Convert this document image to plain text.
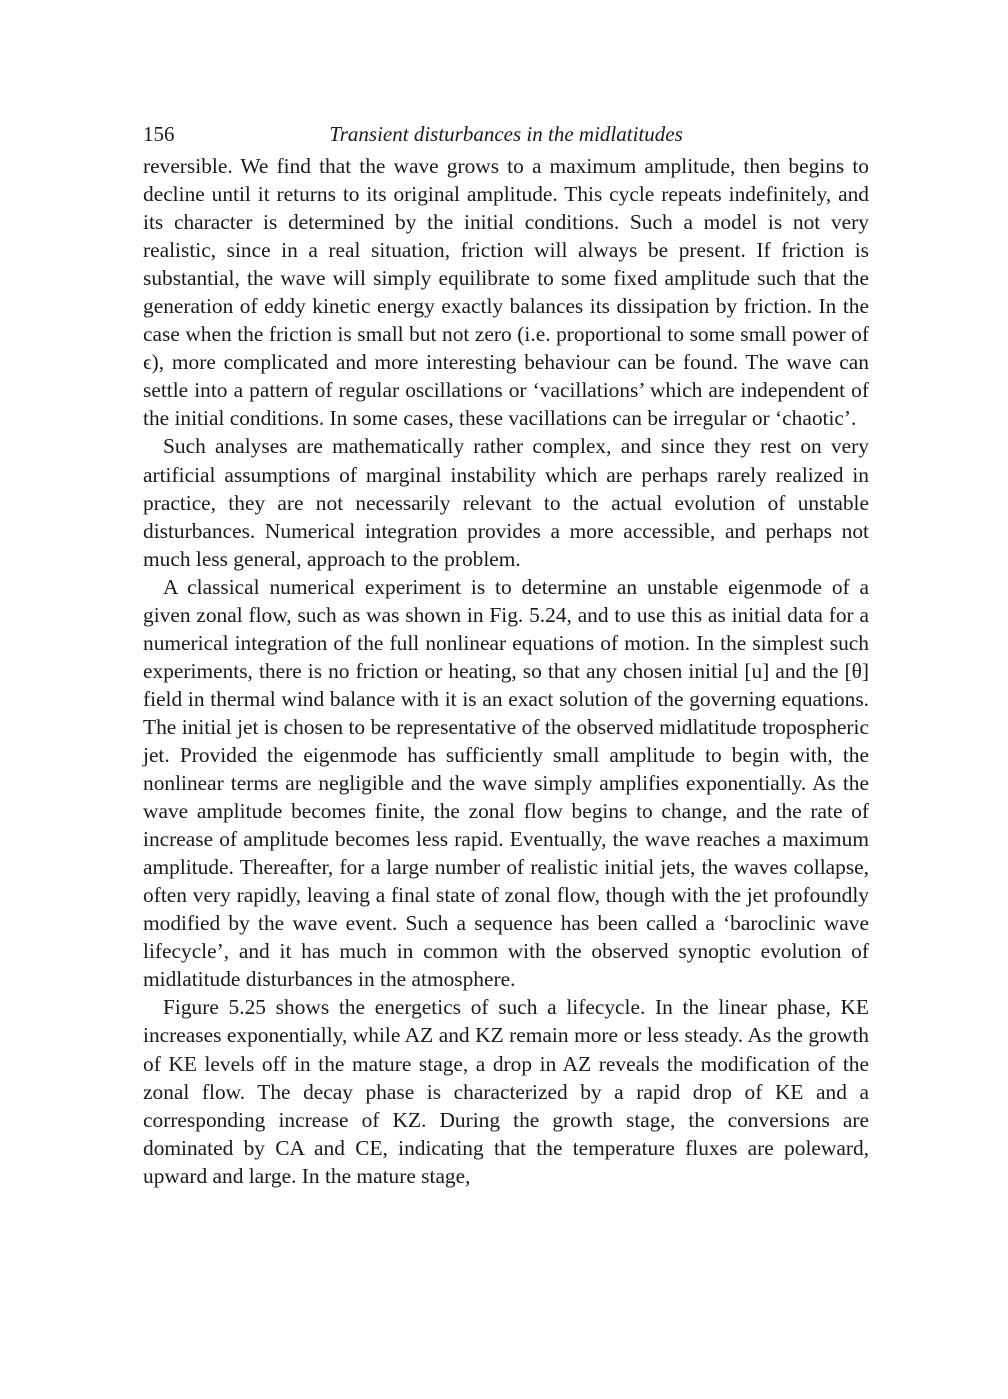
156	Transient disturbances in the midlatitudes

reversible. We find that the wave grows to a maximum amplitude, then begins to decline until it returns to its original amplitude. This cycle repeats indefinitely, and its character is determined by the initial conditions. Such a model is not very realistic, since in a real situation, friction will always be present. If friction is substantial, the wave will simply equilibrate to some fixed amplitude such that the generation of eddy kinetic energy exactly balances its dissipation by friction. In the case when the friction is small but not zero (i.e. proportional to some small power of ϵ), more complicated and more interesting behaviour can be found. The wave can settle into a pattern of regular oscillations or ‘vacillations’ which are independent of the initial conditions. In some cases, these vacillations can be irregular or ‘chaotic’.

Such analyses are mathematically rather complex, and since they rest on very artificial assumptions of marginal instability which are perhaps rarely realized in practice, they are not necessarily relevant to the actual evolution of unstable disturbances. Numerical integration provides a more accessible, and perhaps not much less general, approach to the problem.

A classical numerical experiment is to determine an unstable eigenmode of a given zonal flow, such as was shown in Fig. 5.24, and to use this as initial data for a numerical integration of the full nonlinear equations of motion. In the simplest such experiments, there is no friction or heating, so that any chosen initial [u] and the [θ] field in thermal wind balance with it is an exact solution of the governing equations. The initial jet is chosen to be representative of the observed midlatitude tropospheric jet. Provided the eigenmode has sufficiently small amplitude to begin with, the nonlinear terms are negligible and the wave simply amplifies exponentially. As the wave amplitude becomes finite, the zonal flow begins to change, and the rate of increase of amplitude becomes less rapid. Eventually, the wave reaches a maximum amplitude. Thereafter, for a large number of realistic initial jets, the waves collapse, often very rapidly, leaving a final state of zonal flow, though with the jet profoundly modified by the wave event. Such a sequence has been called a ‘baroclinic wave lifecycle’, and it has much in common with the observed synoptic evolution of midlatitude disturbances in the atmosphere.

Figure 5.25 shows the energetics of such a lifecycle. In the linear phase, KE increases exponentially, while AZ and KZ remain more or less steady. As the growth of KE levels off in the mature stage, a drop in AZ reveals the modification of the zonal flow. The decay phase is characterized by a rapid drop of KE and a corresponding increase of KZ. During the growth stage, the conversions are dominated by CA and CE, indicating that the temperature fluxes are poleward, upward and large. In the mature stage,
